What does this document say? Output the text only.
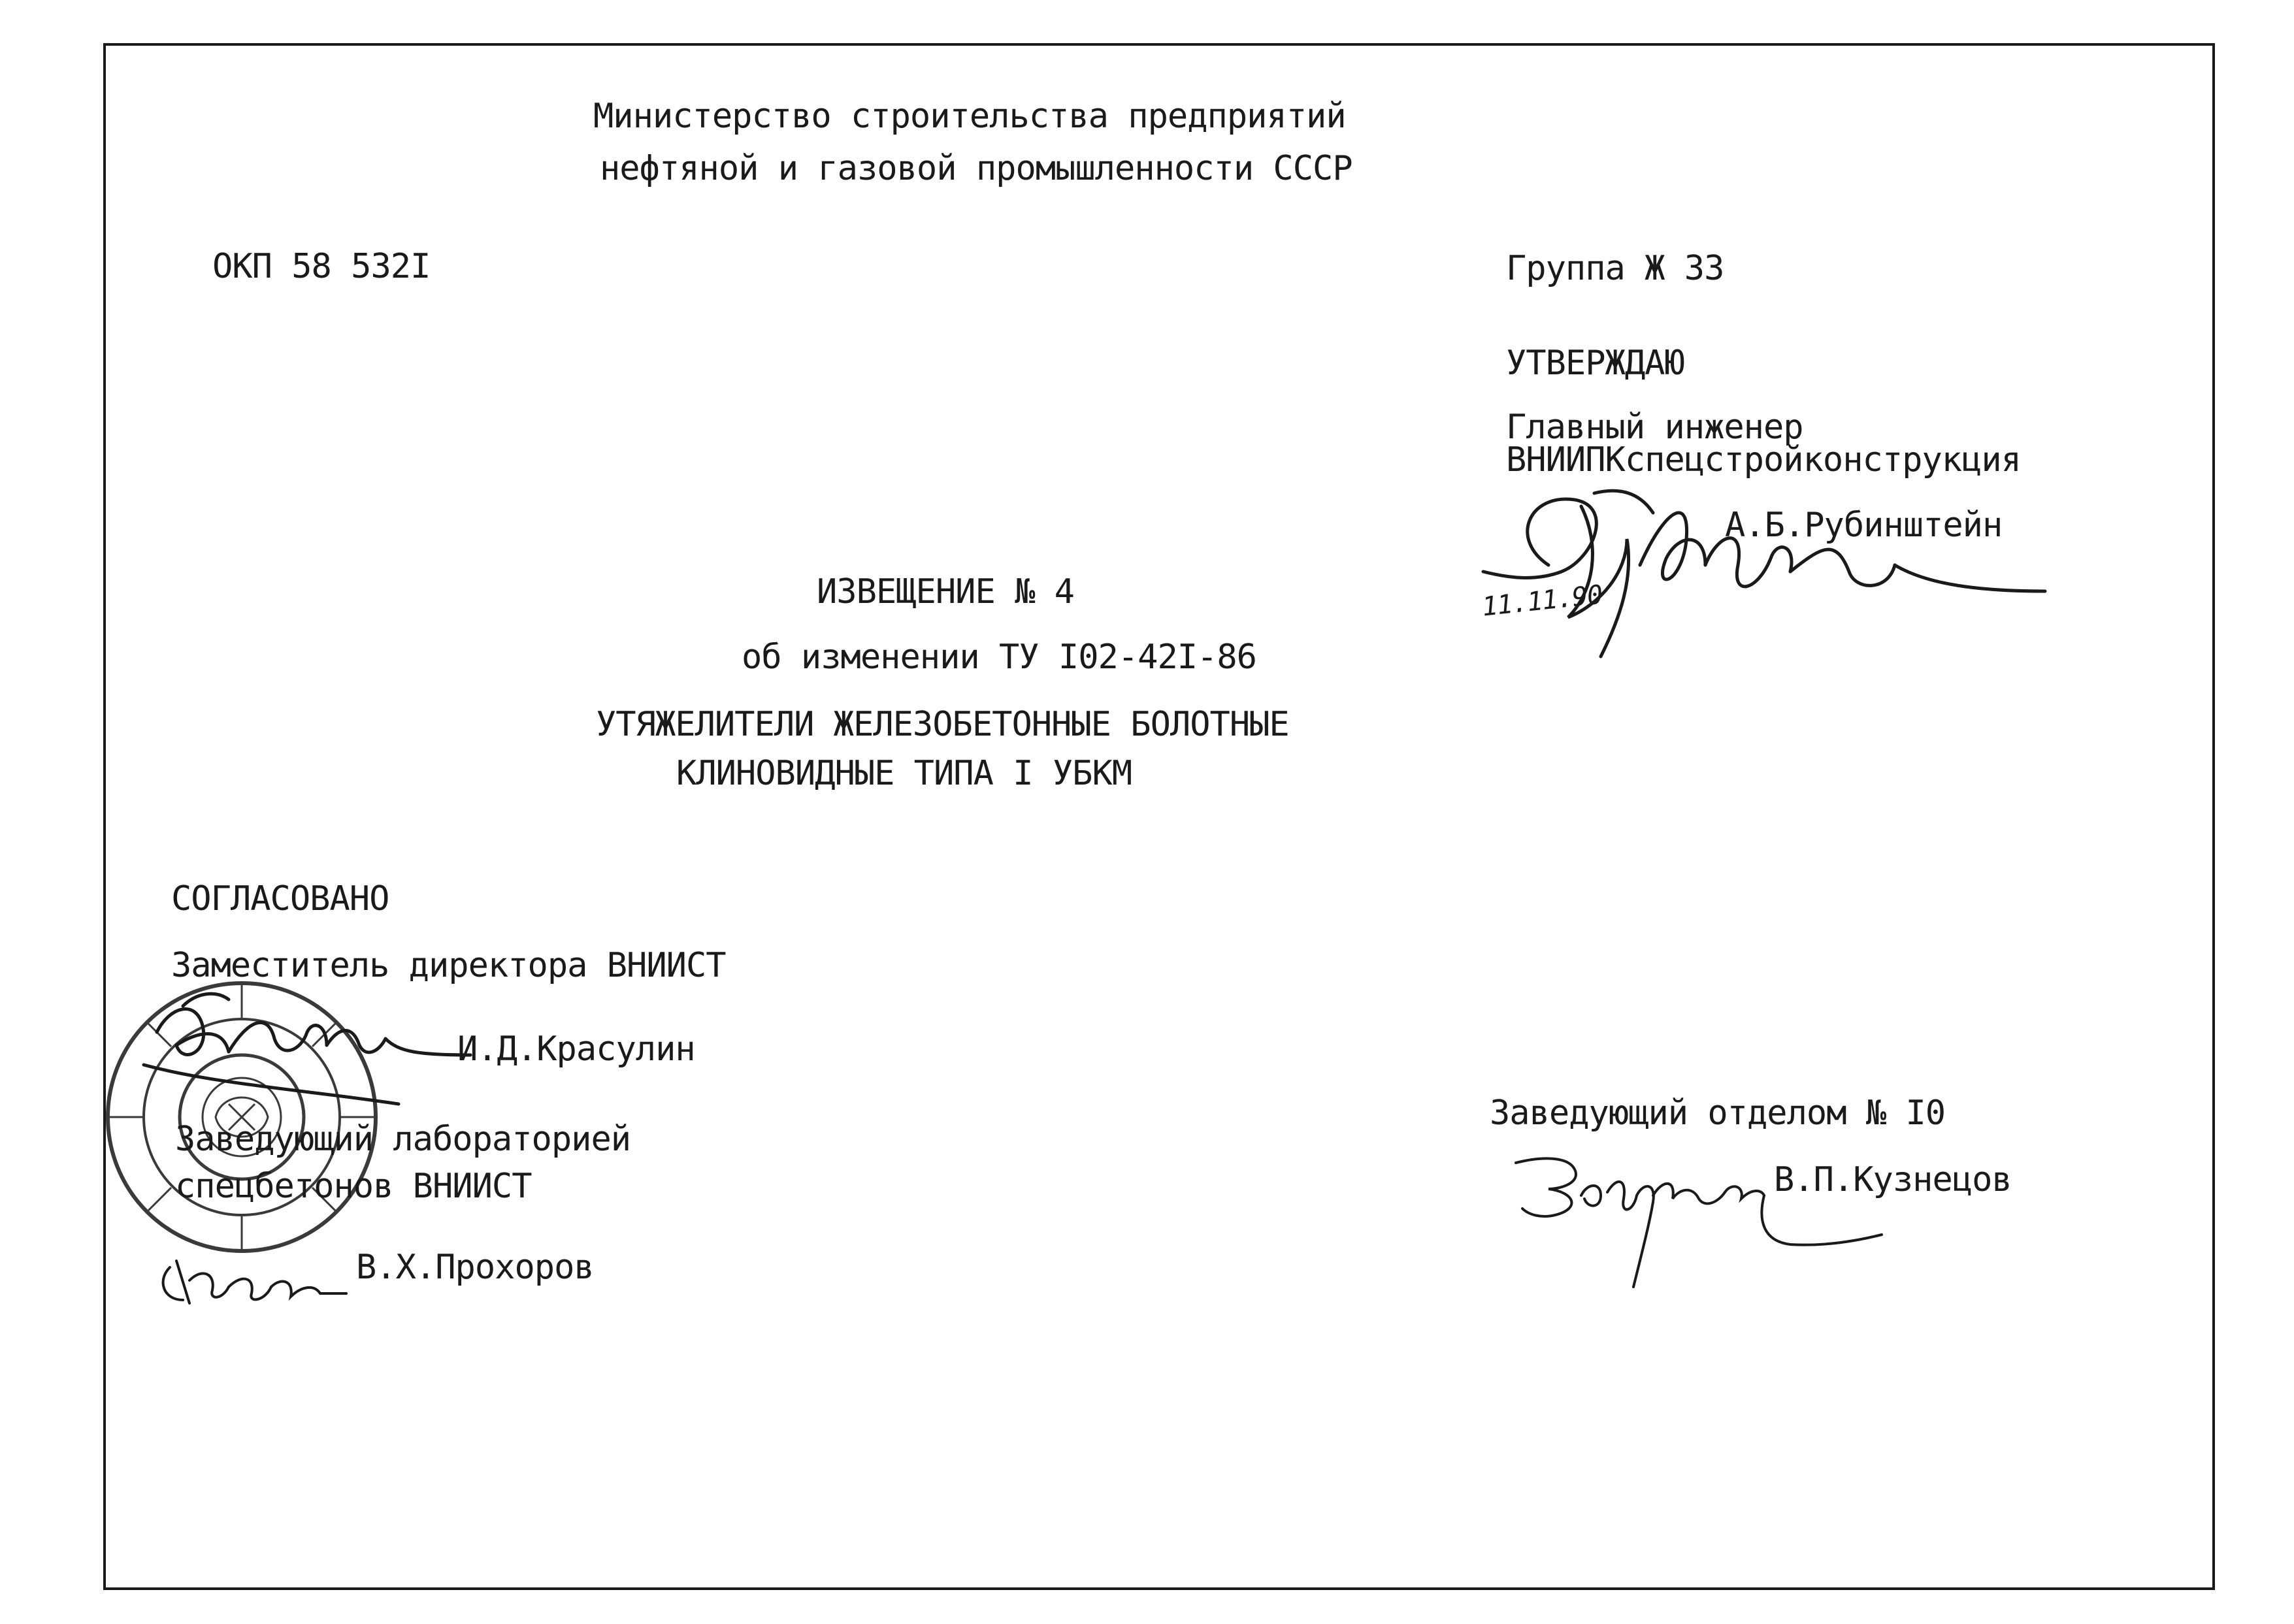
Министерство строительства предприятий
нефтяной и газовой промышленности СССР
ОКП 58 532I	Группа Ж 33
УТВЕРЖДАЮ
Главный инженер
ВНИИПКспецстройконструкция
А.Б.Рубинштейн
11.11.90
ИЗВЕЩЕНИЕ № 4
об изменении ТУ I02-42I-86
УТЯЖЕЛИТЕЛИ ЖЕЛЕЗОБЕТОННЫЕ БОЛОТНЫЕ
КЛИНОВИДНЫЕ ТИПА I УБКМ
СОГЛАСОВАНО
Заместитель директора ВНИИСТ
И.Д.Красулин
Заведующий лабораторией
спецбетонов ВНИИСТ
В.Х.Прохоров
Заведующий отделом № I0
В.П.Кузнецов
